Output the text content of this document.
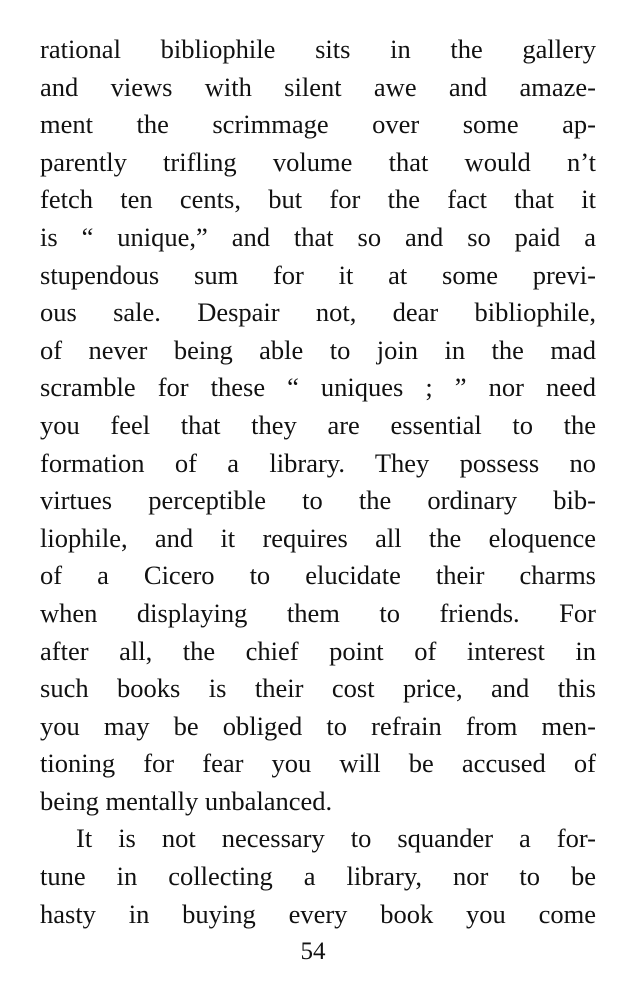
rational bibliophile sits in the gallery
and views with silent awe and amaze-
ment the scrimmage over some ap-
parently trifling volume that would n’t
fetch ten cents, but for the fact that it
is “ unique,” and that so and so paid a
stupendous sum for it at some previ-
ous sale. Despair not, dear bibliophile,
of never being able to join in the mad
scramble for these “ uniques ; ” nor need
you feel that they are essential to the
formation of a library. They possess no
virtues perceptible to the ordinary bib-
liophile, and it requires all the eloquence
of a Cicero to elucidate their charms
when displaying them to friends. For
after all, the chief point of interest in
such books is their cost price, and this
you may be obliged to refrain from men-
tioning for fear you will be accused of
being mentally unbalanced.
It is not necessary to squander a for-
tune in collecting a library, nor to be
hasty in buying every book you come
54
